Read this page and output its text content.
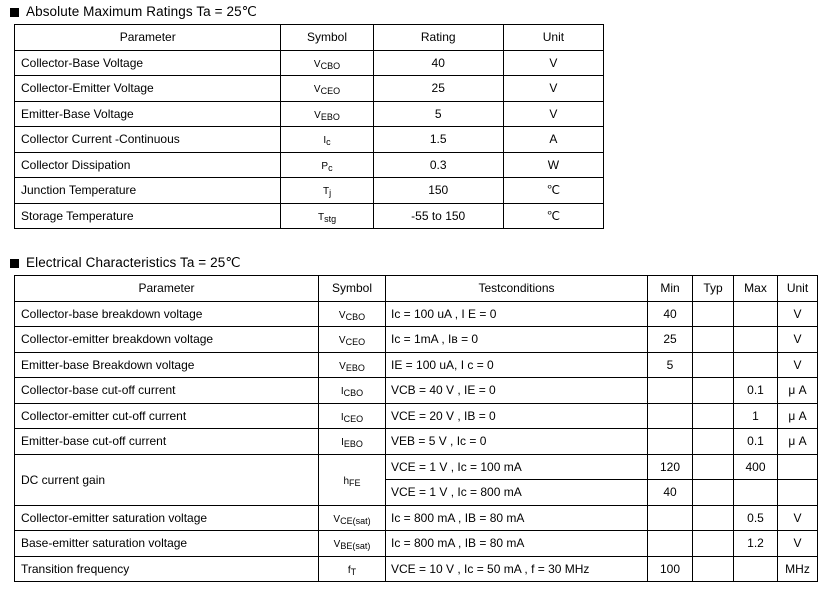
Absolute Maximum Ratings Ta = 25℃
Parameter	Symbol	Rating	Unit
Collector-Base Voltage	$V_{CBO}$	40	V
Collector-Emitter Voltage	$V_{CEO}$	25	V
Emitter-Base Voltage	$V_{EBO}$	5	V
Collector Current -Continuous	$I_c$	1.5	A
Collector Dissipation	$P_c$	0.3	W
Junction Temperature	$T_j$	150	℃
Storage Temperature	$T_{stg}$	-55 to 150	℃
Electrical Characteristics Ta = 25℃
Parameter	Symbol	Testconditions	Min	Typ	Max	Unit
Collector-base breakdown voltage	$V_{CBO}$	Iс = 100 uA , I E = 0	40			V
Collector-emitter breakdown voltage	$V_{CEO}$	Iс = 1mA , Iв = 0	25			V
Emitter-base Breakdown voltage	$V_{EBO}$	IЕ = 100 uA, I c = 0	5			V
Collector-base cut-off current	$I_{CBO}$	VСВ = 40 V , IЕ = 0			0.1	μ A
Collector-emitter cut-off current	$I_{CEO}$	VСЕ = 20 V , IВ = 0			1	μ A
Emitter-base cut-off current	$I_{EBO}$	VЕВ = 5 V , Iс = 0			0.1	μ A
DC current gain	$h_{FE}$	VСЕ = 1 V , Iс = 100 mA	120		400	
		VСЕ = 1 V , Iс = 800 mA	40			
Collector-emitter saturation voltage	$V_{CE(sat)}$	Iс = 800 mA , IВ = 80 mA			0.5	V
Base-emitter saturation voltage	$V_{BE(sat)}$	Iс = 800 mA , IВ = 80 mA			1.2	V
Transition frequency	$f_T$	VСЕ = 10 V , Iс = 50 mA , f = 30 MHz	100			MHz
